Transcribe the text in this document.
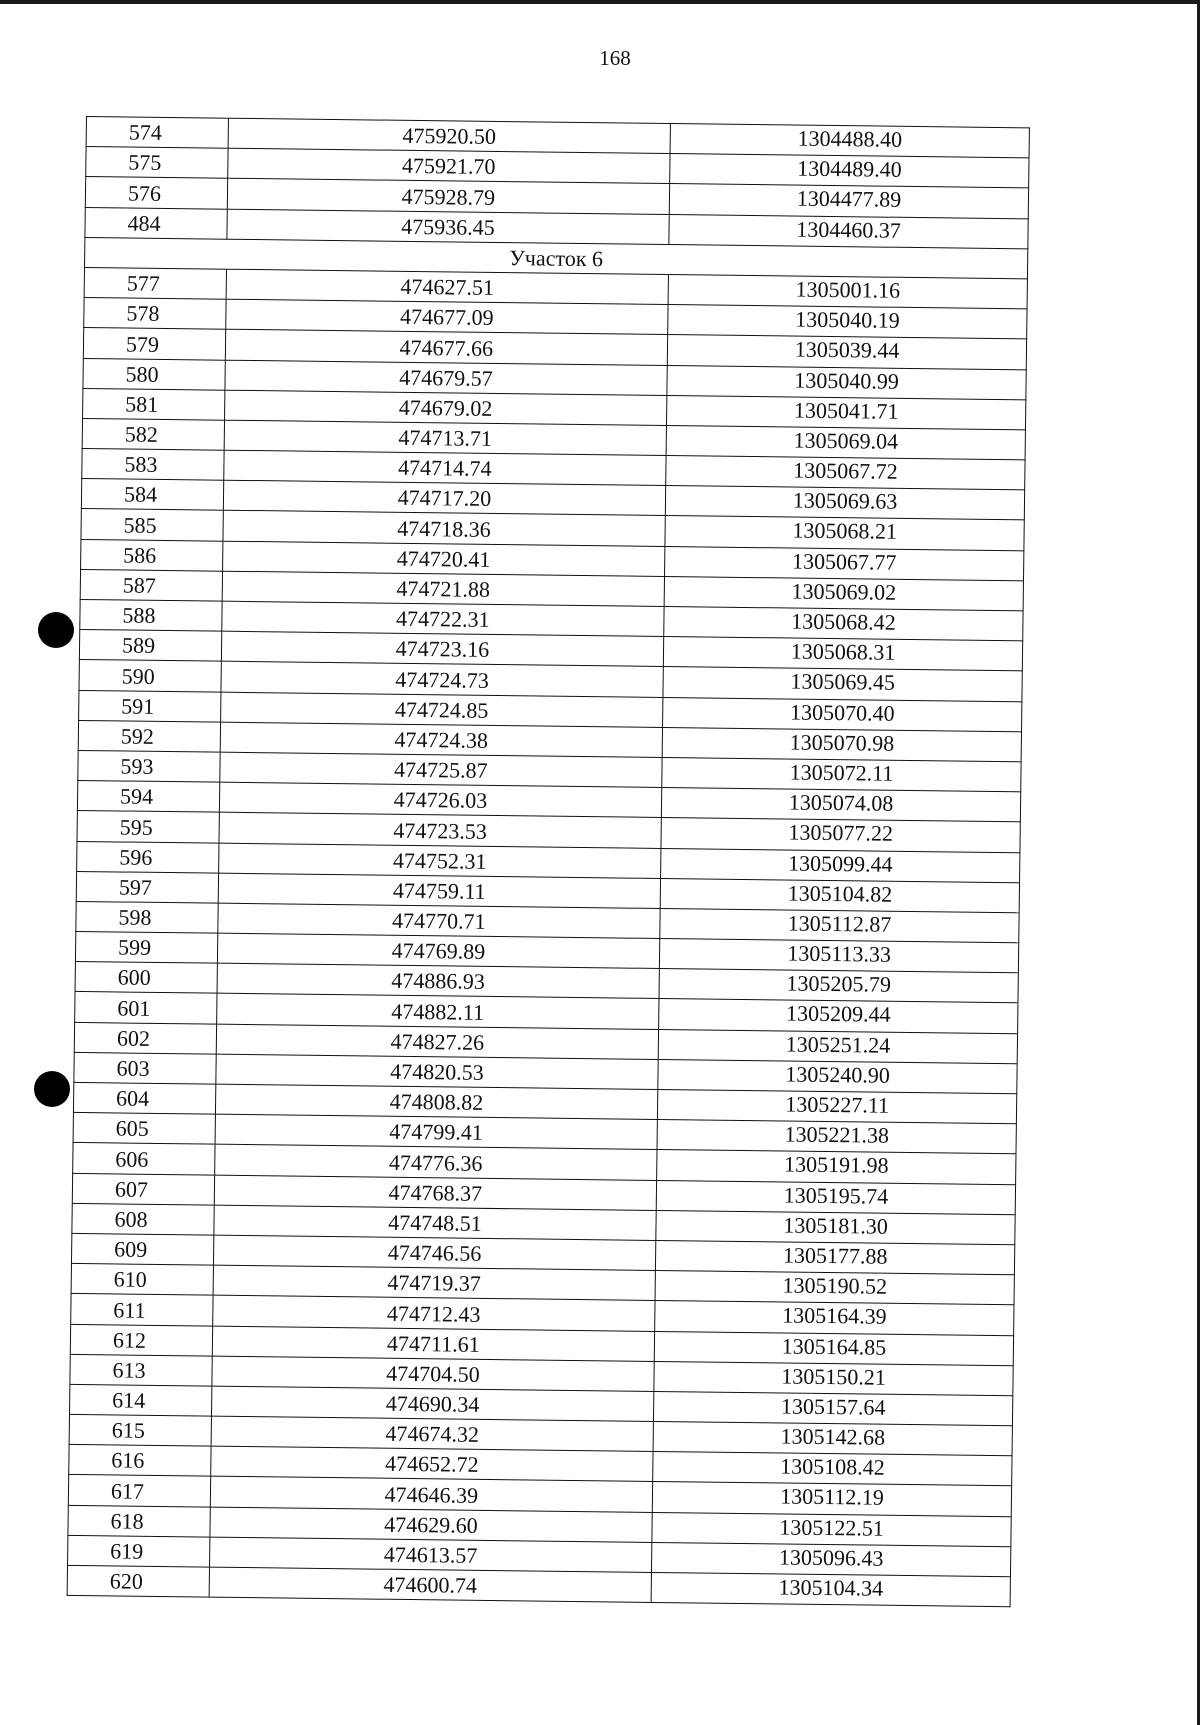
168
574	475920.50	1304488.40
575	475921.70	1304489.40
576	475928.79	1304477.89
484	475936.45	1304460.37
Участок 6		
577	474627.51	1305001.16
578	474677.09	1305040.19
579	474677.66	1305039.44
580	474679.57	1305040.99
581	474679.02	1305041.71
582	474713.71	1305069.04
583	474714.74	1305067.72
584	474717.20	1305069.63
585	474718.36	1305068.21
586	474720.41	1305067.77
587	474721.88	1305069.02
588	474722.31	1305068.42
589	474723.16	1305068.31
590	474724.73	1305069.45
591	474724.85	1305070.40
592	474724.38	1305070.98
593	474725.87	1305072.11
594	474726.03	1305074.08
595	474723.53	1305077.22
596	474752.31	1305099.44
597	474759.11	1305104.82
598	474770.71	1305112.87
599	474769.89	1305113.33
600	474886.93	1305205.79
601	474882.11	1305209.44
602	474827.26	1305251.24
603	474820.53	1305240.90
604	474808.82	1305227.11
605	474799.41	1305221.38
606	474776.36	1305191.98
607	474768.37	1305195.74
608	474748.51	1305181.30
609	474746.56	1305177.88
610	474719.37	1305190.52
611	474712.43	1305164.39
612	474711.61	1305164.85
613	474704.50	1305150.21
614	474690.34	1305157.64
615	474674.32	1305142.68
616	474652.72	1305108.42
617	474646.39	1305112.19
618	474629.60	1305122.51
619	474613.57	1305096.43
620	474600.74	1305104.34
